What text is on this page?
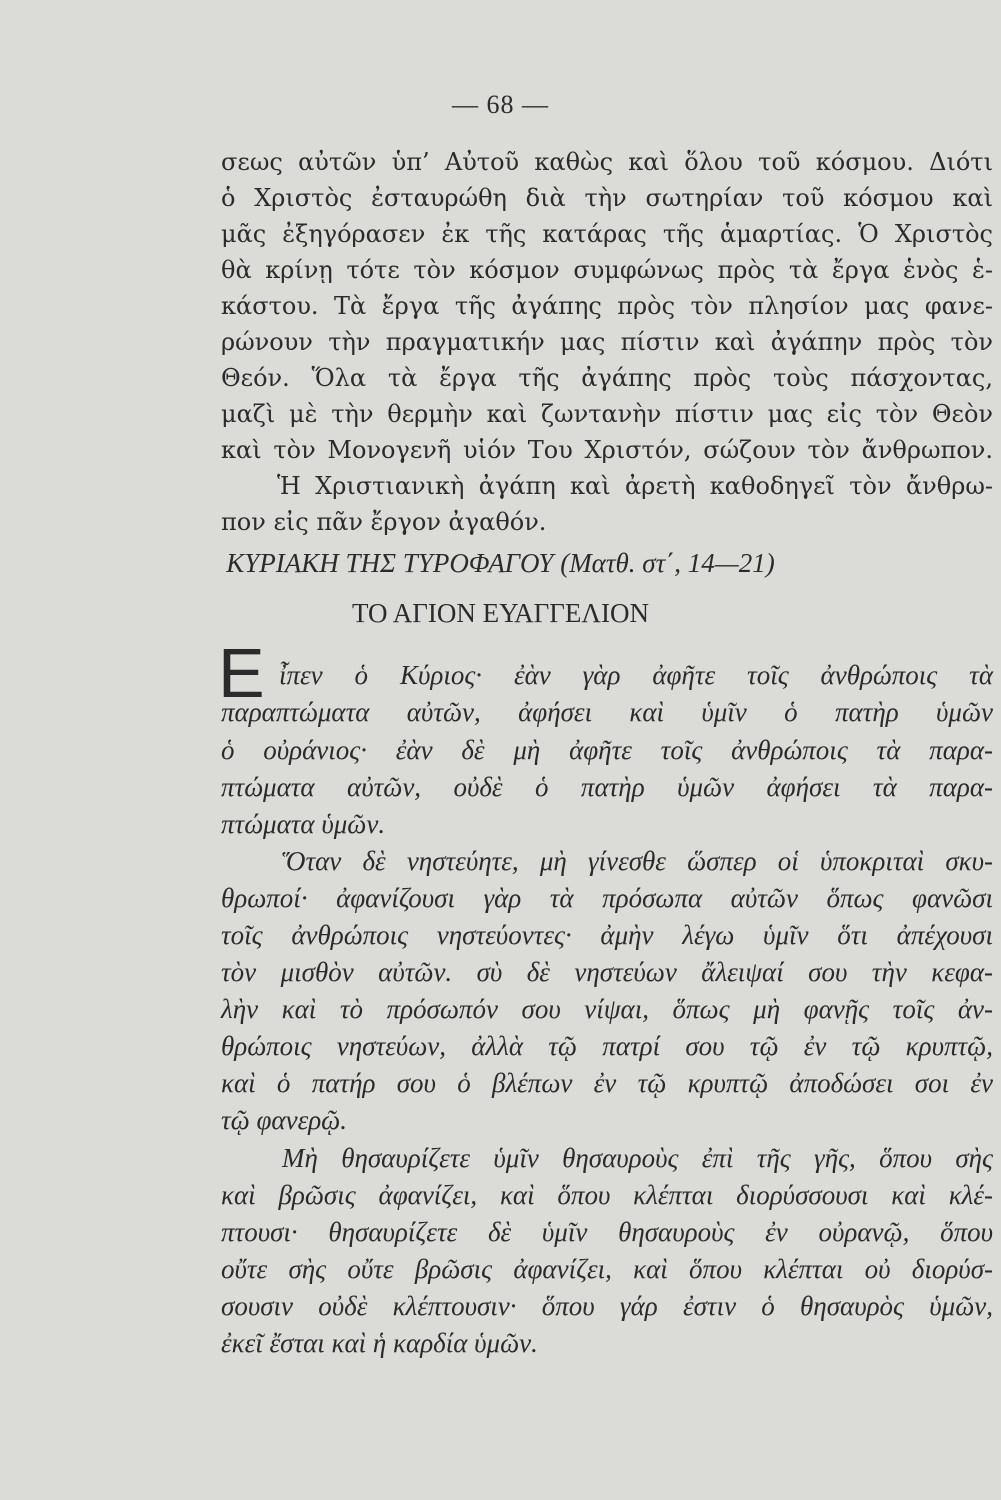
— 68 —
σεως αὐτῶν ὑπ’ Αὐτοῦ καθὼς καὶ ὅλου τοῦ κόσμου. Διότι
ὁ Χριστὸς ἐσταυρώθη διὰ τὴν σωτηρίαν τοῦ κόσμου καὶ
μᾶς ἐξηγόρασεν ἐκ τῆς κατάρας τῆς ἁμαρτίας. Ὁ Χριστὸς
θὰ κρίνῃ τότε τὸν κόσμον συμφώνως πρὸς τὰ ἔργα ἑνὸς ἑ-
κάστου. Τὰ ἔργα τῆς ἀγάπης πρὸς τὸν πλησίον μας φανε-
ρώνουν τὴν πραγματικήν μας πίστιν καὶ ἀγάπην πρὸς τὸν
Θεόν. Ὅλα τὰ ἔργα τῆς ἀγάπης πρὸς τοὺς πάσχοντας,
μαζὶ μὲ τὴν θερμὴν καὶ ζωντανὴν πίστιν μας εἰς τὸν Θεὸν
καὶ τὸν Μονογενῆ υἱόν Του Χριστόν, σώζουν τὸν ἄνθρωπον.
Ἡ Χριστιανικὴ ἀγάπη καὶ ἀρετὴ καθοδηγεῖ τὸν ἄνθρω-
πον εἰς πᾶν ἔργον ἀγαθόν.
ΚΥΡΙΑΚΗ ΤΗΣ ΤΥΡΟΦΑΓΟΥ (Ματθ. στ΄, 14—21)
ΤΟ ΑΓΙΟΝ ΕΥΑΓΓΕΛΙΟΝ
Ε ἶπεν ὁ Κύριος· ἐὰν γὰρ ἀφῆτε τοῖς ἀνθρώποις τὰ
παραπτώματα αὐτῶν, ἀφήσει καὶ ὑμῖν ὁ πατὴρ ὑμῶν
ὁ οὐράνιος· ἐὰν δὲ μὴ ἀφῆτε τοῖς ἀνθρώποις τὰ παρα-
πτώματα αὐτῶν, οὐδὲ ὁ πατὴρ ὑμῶν ἀφήσει τὰ παρα-
πτώματα ὑμῶν.
Ὅταν δὲ νηστεύητε, μὴ γίνεσθε ὥσπερ οἱ ὑποκριταὶ σκυ-
θρωποί· ἀφανίζουσι γὰρ τὰ πρόσωπα αὐτῶν ὅπως φανῶσι
τοῖς ἀνθρώποις νηστεύοντες· ἀμὴν λέγω ὑμῖν ὅτι ἀπέχουσι
τὸν μισθὸν αὐτῶν. σὺ δὲ νηστεύων ἄλειψαί σου τὴν κεφα-
λὴν καὶ τὸ πρόσωπόν σου νίψαι, ὅπως μὴ φανῇς τοῖς ἀν-
θρώποις νηστεύων, ἀλλὰ τῷ πατρί σου τῷ ἐν τῷ κρυπτῷ,
καὶ ὁ πατήρ σου ὁ βλέπων ἐν τῷ κρυπτῷ ἀποδώσει σοι ἐν
τῷ φανερῷ.
Μὴ θησαυρίζετε ὑμῖν θησαυροὺς ἐπὶ τῆς γῆς, ὅπου σὴς
καὶ βρῶσις ἀφανίζει, καὶ ὅπου κλέπται διορύσσουσι καὶ κλέ-
πτουσι· θησαυρίζετε δὲ ὑμῖν θησαυροὺς ἐν οὐρανῷ, ὅπου
οὔτε σὴς οὔτε βρῶσις ἀφανίζει, καὶ ὅπου κλέπται οὐ διορύσ-
σουσιν οὐδὲ κλέπτουσιν· ὅπου γάρ ἐστιν ὁ θησαυρὸς ὑμῶν,
ἐκεῖ ἔσται καὶ ἡ καρδία ὑμῶν.
